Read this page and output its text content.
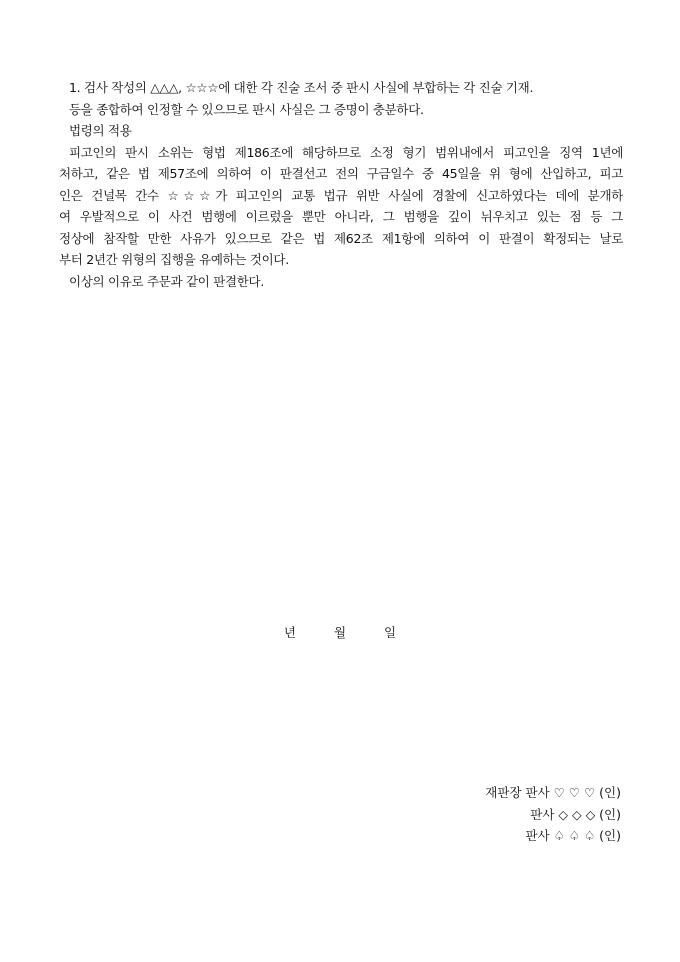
1. 검사 작성의 △△△, ☆☆☆에 대한 각 진술 조서 중 판시 사실에 부합하는 각 진술 기재.
등을 종합하여 인정할 수 있으므로 판시 사실은 그 증명이 충분하다.
법령의 적용
피고인의 판시 소위는 형법 제186조에 해당하므로 소정 형기 범위내에서 피고인을 징역 1년에
처하고, 같은 법 제57조에 의하여 이 판결선고 전의 구금일수 중 45일을 위 형에 산입하고, 피고
인은 건널목 간수 ☆☆☆가 피고인의 교통 법규 위반 사실에 경찰에 신고하였다는 데에 분개하
여 우발적으로 이 사건 범행에 이르렀을 뿐만 아니라, 그 범행을 깊이 뉘우치고 있는 점 등 그
정상에 참작할 만한 사유가 있으므로 같은 법 제62조 제1항에 의하여 이 판결이 확정되는 날로
부터 2년간 위형의 집행을 유예하는 것이다.
이상의 이유로 주문과 같이 판결한다.
년	월	일
재판장 판사 ♡ ♡ ♡ (인)
판사 ◇ ◇ ◇ (인)
판사 ♤ ♤ ♤ (인)
